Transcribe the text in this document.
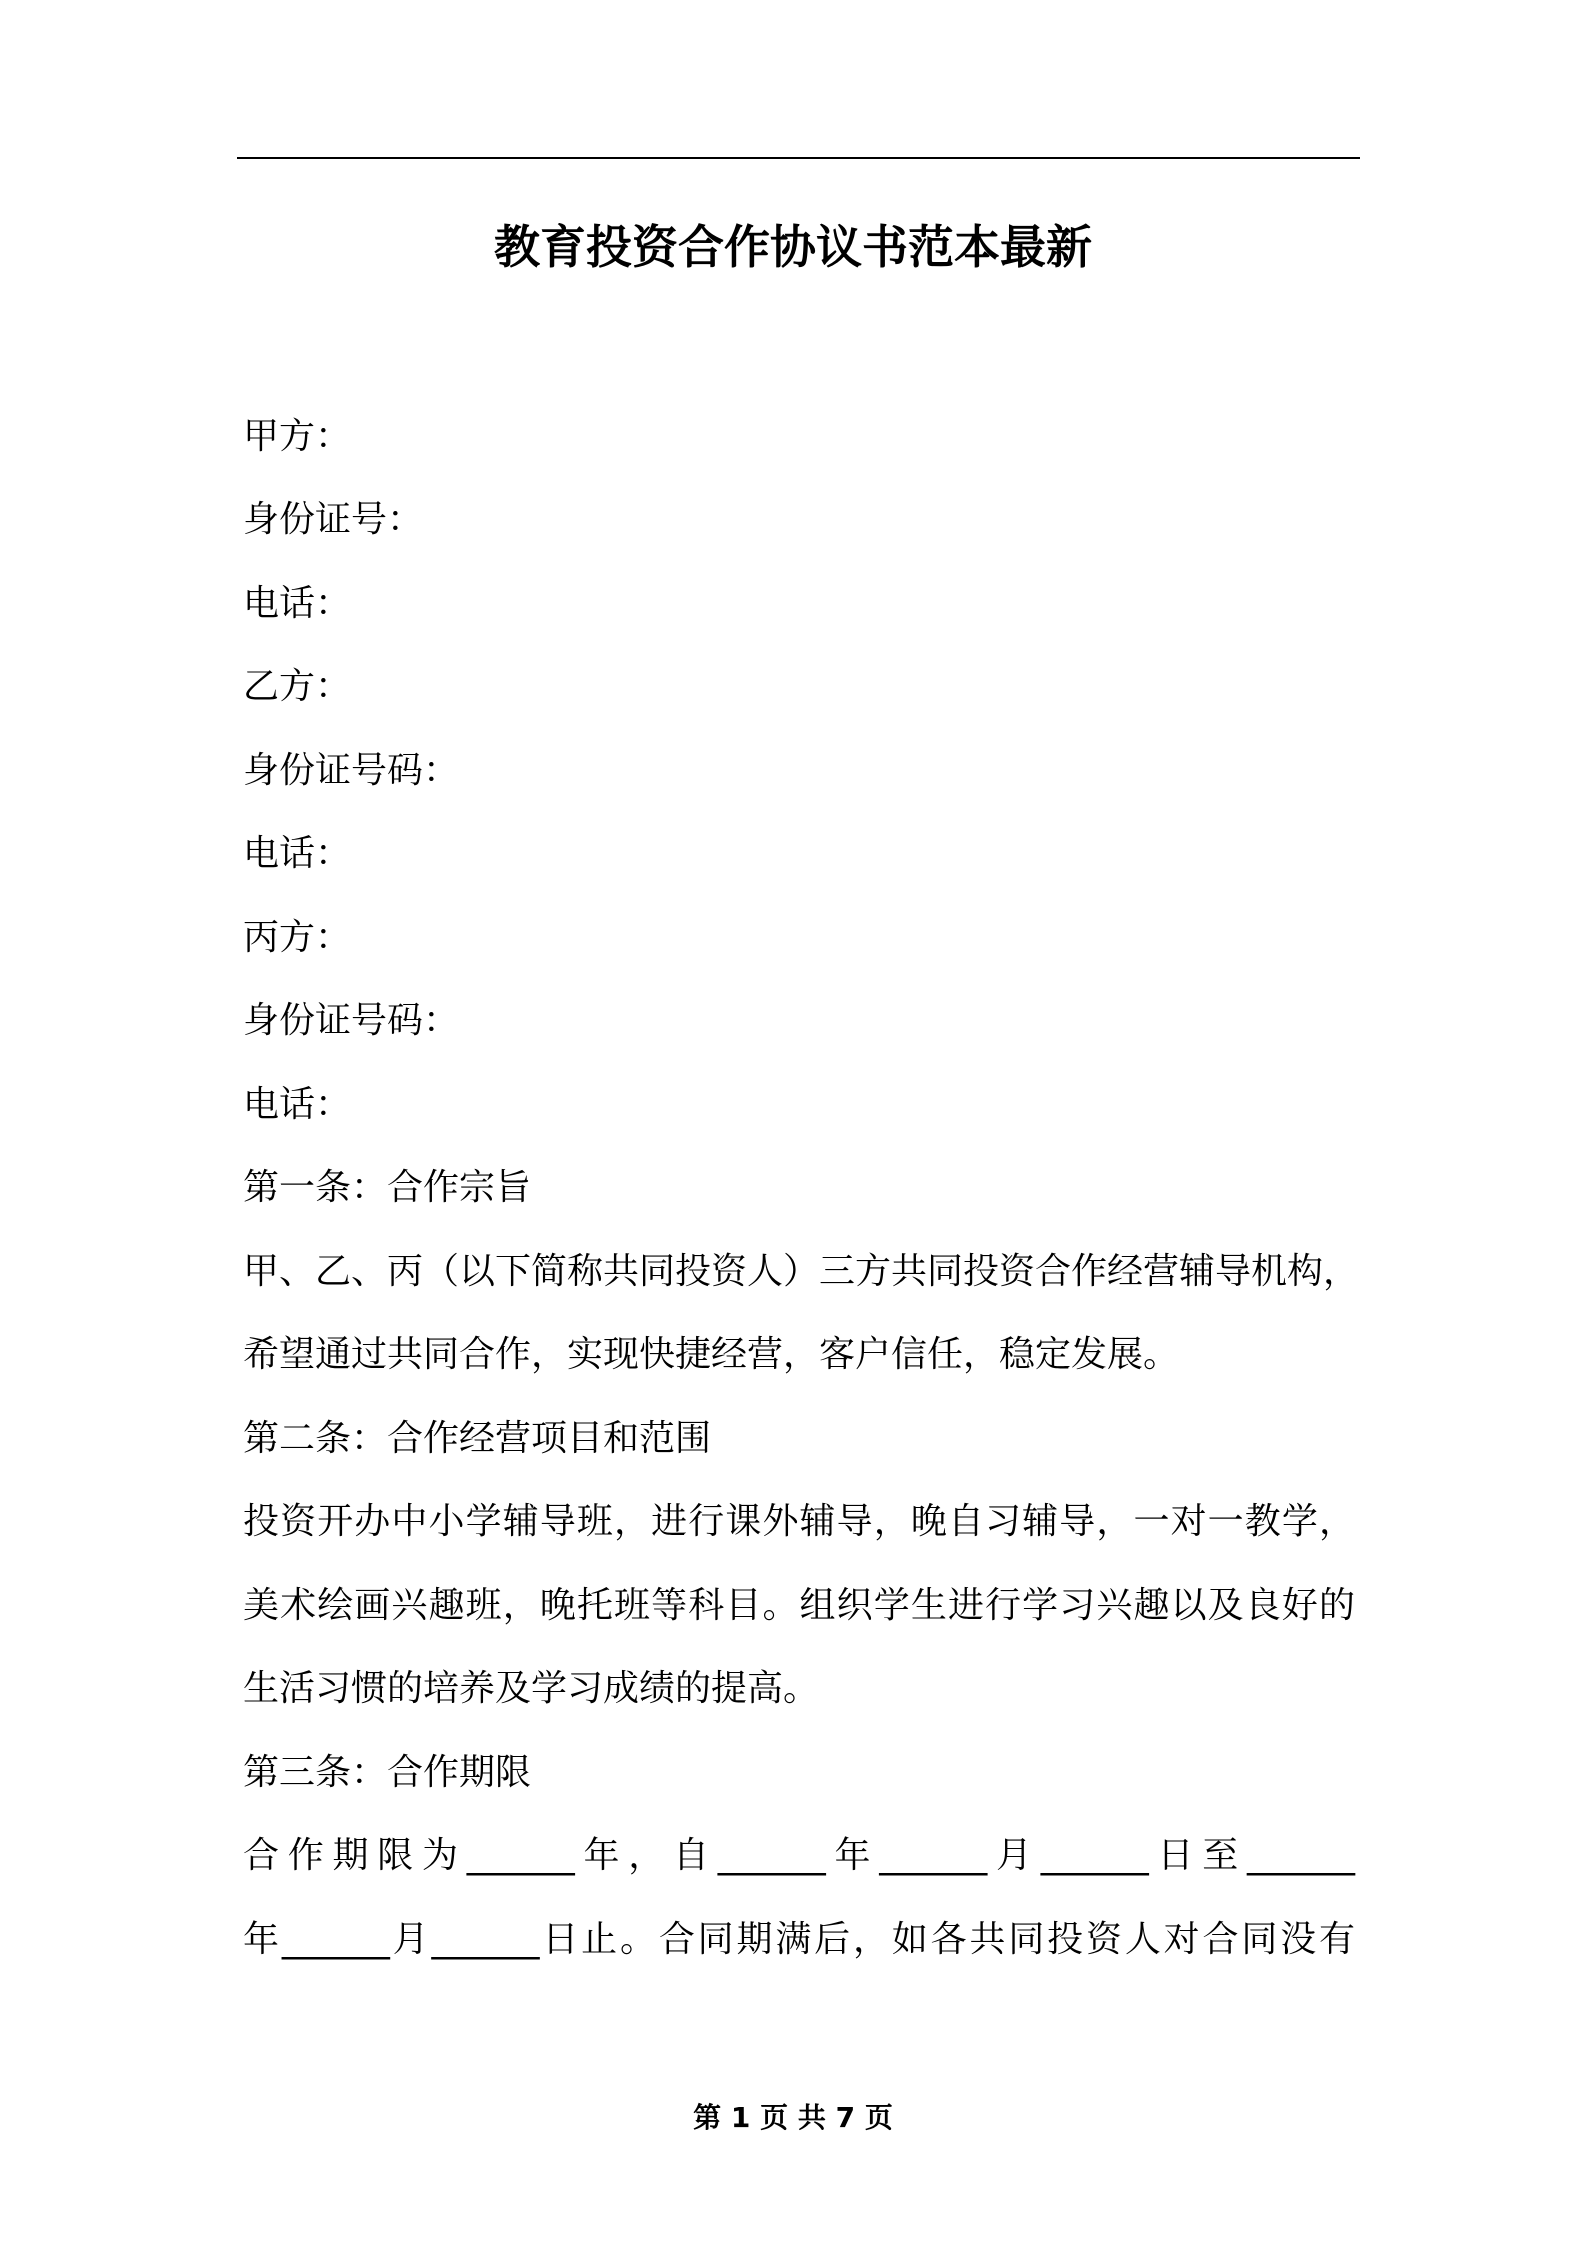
教育投资合作协议书范本最新
甲方：
身份证号：
电话：
乙方：
身份证号码：
电话：
丙方：
身份证号码：
电话：
第一条：合作宗旨
甲、乙、丙（以下简称共同投资人）三方共同投资合作经营辅导机构，
希望通过共同合作，实现快捷经营，客户信任，稳定发展。
第二条：合作经营项目和范围
投资开办中小学辅导班，进行课外辅导，晚自习辅导，一对一教学，
美术绘画兴趣班，晚托班等科目。组织学生进行学习兴趣以及良好的
生活习惯的培养及学习成绩的提高。
第三条：合作期限
合作期限为______年，自______年______月______日至______
年______月______日止。合同期满后，如各共同投资人对合同没有
第 1 页 共 7 页
